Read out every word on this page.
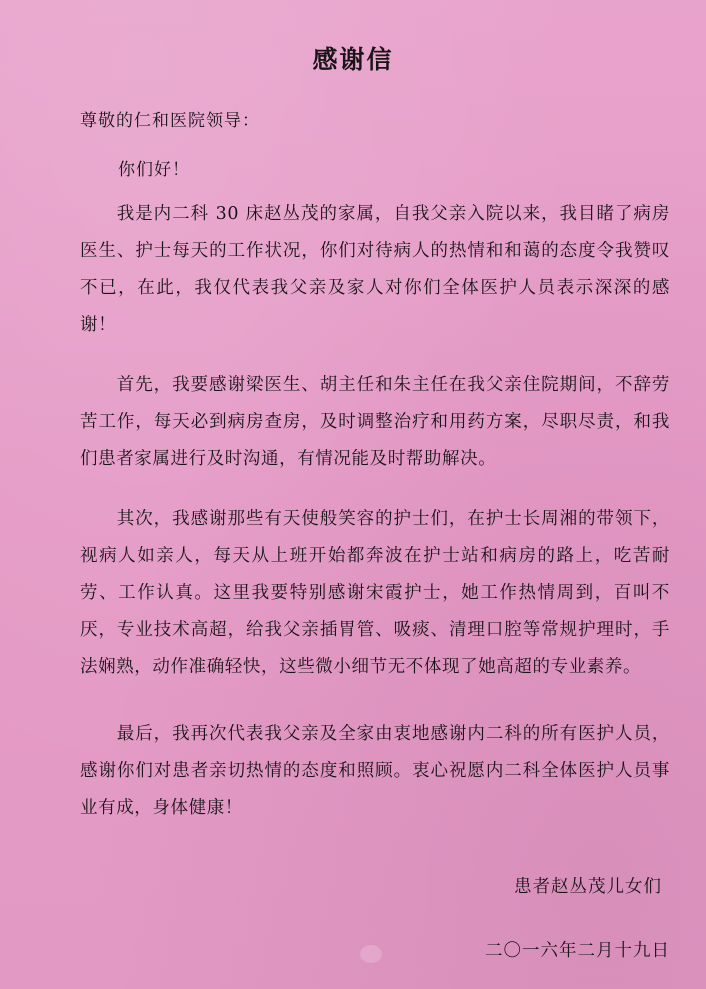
感谢信
尊敬的仁和医院领导：
你们好！

我是内二科 30 床赵丛茂的家属，自我父亲入院以来，我目睹了病房医生、护士每天的工作状况，你们对待病人的热情和和蔼的态度令我赞叹不已，在此，我仅代表我父亲及家人对你们全体医护人员表示深深的感谢！

首先，我要感谢梁医生、胡主任和朱主任在我父亲住院期间，不辞劳苦工作，每天必到病房查房，及时调整治疗和用药方案，尽职尽责，和我们患者家属进行及时沟通，有情况能及时帮助解决。

其次，我感谢那些有天使般笑容的护士们，在护士长周湘的带领下，视病人如亲人，每天从上班开始都奔波在护士站和病房的路上，吃苦耐劳、工作认真。这里我要特别感谢宋霞护士，她工作热情周到，百叫不厌，专业技术高超，给我父亲插胃管、吸痰、清理口腔等常规护理时，手法娴熟，动作准确轻快，这些微小细节无不体现了她高超的专业素养。

最后，我再次代表我父亲及全家由衷地感谢内二科的所有医护人员，感谢你们对患者亲切热情的态度和照顾。衷心祝愿内二科全体医护人员事业有成，身体健康！

患者赵丛茂儿女们
二〇一六年二月十九日
